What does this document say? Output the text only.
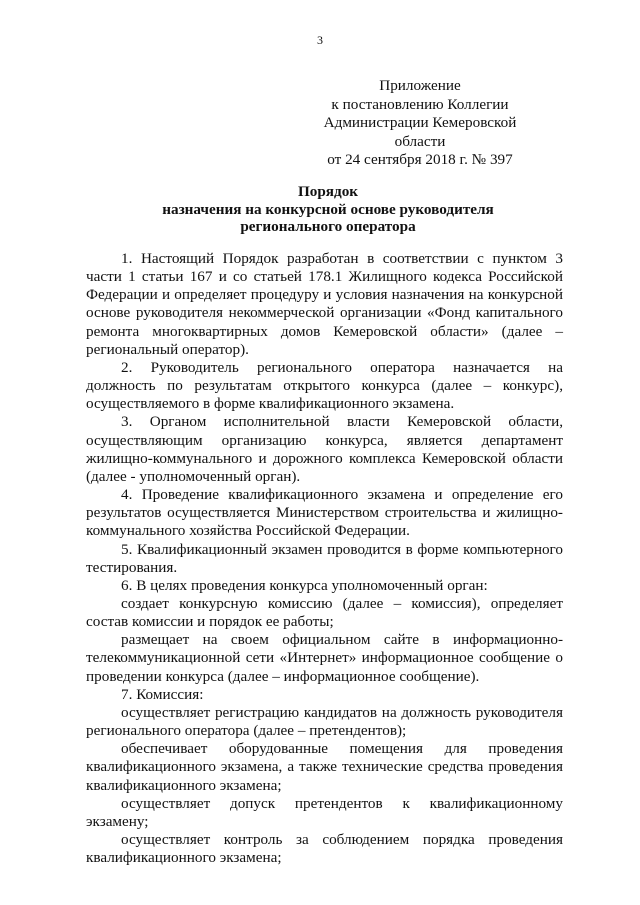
3
Приложение
к постановлению Коллегии
Администрации Кемеровской области
от 24 сентября 2018 г. № 397
Порядок
назначения на конкурсной основе руководителя
регионального оператора

1. Настоящий Порядок разработан в соответствии с пунктом 3 части 1 статьи 167 и со статьей 178.1 Жилищного кодекса Российской Федерации и определяет процедуру и условия назначения на конкурсной основе руководителя некоммерческой организации «Фонд капитального ремонта многоквартирных домов Кемеровской области» (далее – региональный оператор).

2. Руководитель регионального оператора назначается на должность по результатам открытого конкурса (далее – конкурс), осуществляемого в форме квалификационного экзамена.

3. Органом исполнительной власти Кемеровской области, осуществляющим организацию конкурса, является департамент жилищно-коммунального и дорожного комплекса Кемеровской области (далее - уполномоченный орган).

4. Проведение квалификационного экзамена и определение его результатов осуществляется Министерством строительства и жилищно-коммунального хозяйства Российской Федерации.

5. Квалификационный экзамен проводится в форме компьютерного тестирования.

6. В целях проведения конкурса уполномоченный орган:

создает конкурсную комиссию (далее – комиссия), определяет состав комиссии и порядок ее работы;

размещает на своем официальном сайте в информационно-телекоммуникационной сети «Интернет» информационное сообщение о проведении конкурса (далее – информационное сообщение).

7. Комиссия:

осуществляет регистрацию кандидатов на должность руководителя регионального оператора (далее – претендентов);

обеспечивает оборудованные помещения для проведения квалификационного экзамена, а также технические средства проведения квалификационного экзамена;

осуществляет допуск претендентов к квалификационному экзамену;

осуществляет контроль за соблюдением порядка проведения квалификационного экзамена;
